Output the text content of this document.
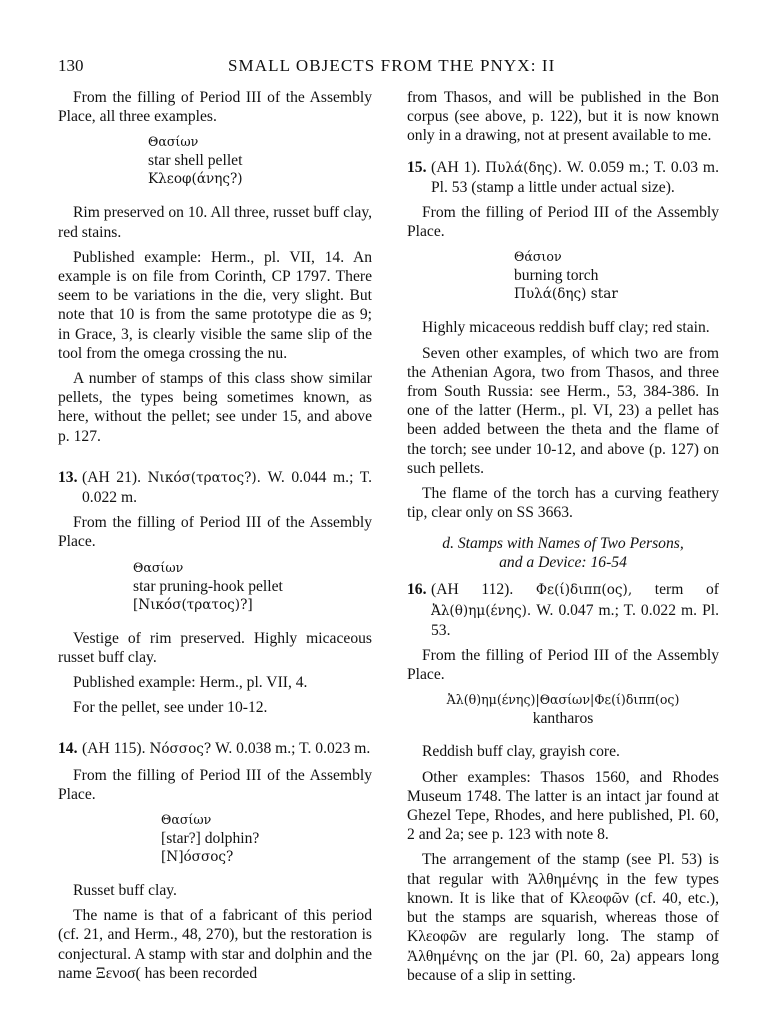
130	SMALL OBJECTS FROM THE PNYX: II

From the filling of Period III of the Assembly Place, all three examples.

Θασίων
star shell pellet
Κλεοφ(άνης?)

Rim preserved on 10. All three, russet buff clay, red stains.

Published example: Herm., pl. VII, 14. An example is on file from Corinth, CP 1797. There seem to be variations in the die, very slight. But note that 10 is from the same prototype die as 9; in Grace, 3, is clearly visible the same slip of the tool from the omega crossing the nu.

A number of stamps of this class show similar pellets, the types being sometimes known, as here, without the pellet; see under 15, and above p. 127.

13. (AH 21). Νικόσ(τρατος?). W. 0.044 m.; T. 0.022 m.

From the filling of Period III of the Assembly Place.

Θασίων
star pruning-hook pellet
[Νικόσ(τρατος)?]

Vestige of rim preserved. Highly micaceous russet buff clay.

Published example: Herm., pl. VII, 4.

For the pellet, see under 10-12.

14. (AH 115). Νόσσος? W. 0.038 m.; T. 0.023 m.

From the filling of Period III of the Assembly Place.

Θασίων
[star?] dolphin?
[Ν]όσσος?

Russet buff clay.

The name is that of a fabricant of this period (cf. 21, and Herm., 48, 270), but the restoration is conjectural. A stamp with star and dolphin and the name Ξενοσ( has been recorded

from Thasos, and will be published in the Bon corpus (see above, p. 122), but it is now known only in a drawing, not at present available to me.

15. (AH 1). Πυλά(δης). W. 0.059 m.; T. 0.03 m. Pl. 53 (stamp a little under actual size).

From the filling of Period III of the Assembly Place.

Θάσιον
burning torch
Πυλά(δης) star

Highly micaceous reddish buff clay; red stain.

Seven other examples, of which two are from the Athenian Agora, two from Thasos, and three from South Russia: see Herm., 53, 384-386. In one of the latter (Herm., pl. VI, 23) a pellet has been added between the theta and the flame of the torch; see under 10-12, and above (p. 127) on such pellets.

The flame of the torch has a curving feathery tip, clear only on SS 3663.

d. Stamps with Names of Two Persons,
and a Device: 16-54

16. (AH 112). Φε(ί)διππ(ος), term of Ἀλ(θ)ημ(ένης). W. 0.047 m.; T. 0.022 m. Pl. 53.

From the filling of Period III of the Assembly Place.

Ἀλ(θ)ημ(ένης)|Θασίων|Φε(ί)διππ(ος)
kantharos

Reddish buff clay, grayish core.

Other examples: Thasos 1560, and Rhodes Museum 1748. The latter is an intact jar found at Ghezel Tepe, Rhodes, and here published, Pl. 60, 2 and 2a; see p. 123 with note 8.

The arrangement of the stamp (see Pl. 53) is that regular with Ἀλθημένης in the few types known. It is like that of Κλεοφῶν (cf. 40, etc.), but the stamps are squarish, whereas those of Κλεοφῶν are regularly long. The stamp of Ἀλθημένης on the jar (Pl. 60, 2a) appears long because of a slip in setting.
